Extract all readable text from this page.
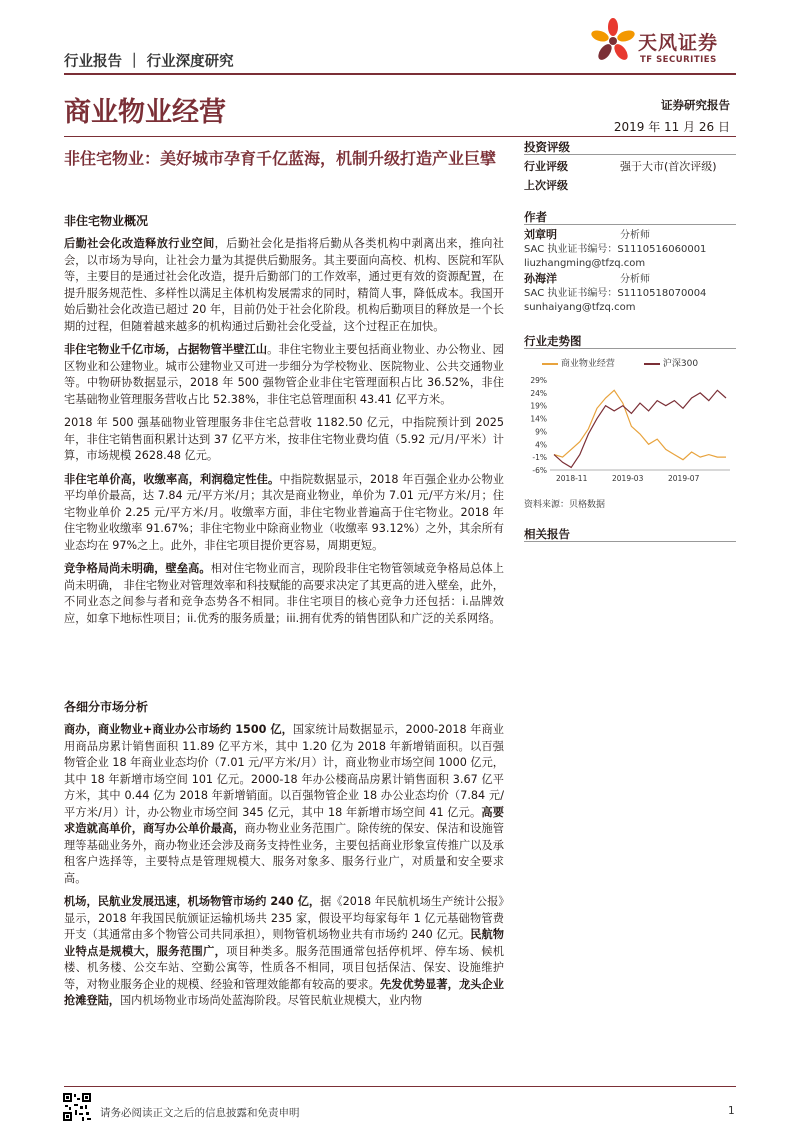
行业报告 ｜ 行业深度研究
天风证券
TF SECURITIES
商业物业经营	证券研究报告
2019 年 11 月 26 日
非住宅物业：美好城市孕育千亿蓝海，机制升级打造产业巨擘
投资评级
行业评级	强于大市(首次评级)
上次评级
作者
刘章明	分析师
SAC 执业证书编号：S1110516060001
liuzhangming@tfzq.com
孙海洋	分析师
SAC 执业证书编号：S1110518070004
sunhaiyang@tfzq.com
行业走势图
商业物业经营	沪深300
29%
24%
19%
14%
9%
4%
-1%
-6%
2018-11	2019-03	2019-07
资料来源：贝格数据
相关报告
非住宅物业概况

后勤社会化改造释放行业空间，后勤社会化是指将后勤从各类机构中剥离出来，推向社会，以市场为导向，让社会力量为其提供后勤服务。其主要面向高校、机构、医院和军队等，主要目的是通过社会化改造，提升后勤部门的工作效率，通过更有效的资源配置，在提升服务规范性、多样性以满足主体机构发展需求的同时，精简人事，降低成本。我国开始后勤社会化改造已超过 20 年，目前仍处于社会化阶段。机构后勤项目的释放是一个长期的过程，但随着越来越多的机构通过后勤社会化受益，这个过程正在加快。

非住宅物业千亿市场，占据物管半壁江山。非住宅物业主要包括商业物业、办公物业、园区物业和公建物业。城市公建物业又可进一步细分为学校物业、医院物业、公共交通物业等。中物研协数据显示，2018 年 500 强物管企业非住宅管理面积占比 36.52%，非住宅基础物业管理服务营收占比 52.38%，非住宅总管理面积 43.41 亿平方米。

2018 年 500 强基础物业管理服务非住宅总营收 1182.50 亿元，中指院预计到 2025 年，非住宅销售面积累计达到 37 亿平方米，按非住宅物业费均值（5.92 元/月/平米）计算，市场规模 2628.48 亿元。

非住宅单价高，收缴率高，利润稳定性佳。中指院数据显示，2018 年百强企业办公物业平均单价最高，达 7.84 元/平方米/月；其次是商业物业，单价为 7.01 元/平方米/月；住宅物业单价 2.25 元/平方米/月。收缴率方面，非住宅物业普遍高于住宅物业。2018 年住宅物业收缴率 91.67%；非住宅物业中除商业物业（收缴率 93.12%）之外，其余所有业态均在 97%之上。此外，非住宅项目提价更容易，周期更短。

竞争格局尚未明确，壁垒高。相对住宅物业而言，现阶段非住宅物管领域竞争格局总体上尚未明确， 非住宅物业对管理效率和科技赋能的高要求决定了其更高的进入壁垒，此外，不同业态之间参与者和竞争态势各不相同。非住宅项目的核心竞争力还包括：i.品牌效应，如拿下地标性项目；ii.优秀的服务质量；iii.拥有优秀的销售团队和广泛的关系网络。

各细分市场分析

商办，商业物业+商业办公市场约 1500 亿，国家统计局数据显示，2000-2018 年商业用商品房累计销售面积 11.89 亿平方米，其中 1.20 亿为 2018 年新增销面积。以百强物管企业 18 年商业业态均价（7.01 元/平方米/月）计，商业物业市场空间 1000 亿元，其中 18 年新增市场空间 101 亿元。2000-18 年办公楼商品房累计销售面积 3.67 亿平方米，其中 0.44 亿为 2018 年新增销面。以百强物管企业 18 办公业态均价（7.84 元/平方米/月）计，办公物业市场空间 345 亿元，其中 18 年新增市场空间 41 亿元。高要求造就高单价，商写办公单价最高，商办物业业务范围广。除传统的保安、保洁和设施管理等基础业务外，商办物业还会涉及商务支持性业务，主要包括商业形象宣传推广以及承租客户选择等，主要特点是管理规模大、服务对象多、服务行业广，对质量和安全要求高。

机场，民航业发展迅速，机场物管市场约 240 亿，据《2018 年民航机场生产统计公报》显示，2018 年我国民航颁证运输机场共 235 家，假设平均每家每年 1 亿元基础物管费开支（其通常由多个物管公司共同承担），则物管机场物业共有市场约 240 亿元。民航物业特点是规模大，服务范围广，项目种类多。服务范围通常包括停机坪、停车场、候机楼、机务楼、公交车站、空勤公寓等，性质各不相同，项目包括保洁、保安、设施维护等，对物业服务企业的规模、经验和管理效能都有较高的要求。先发优势显著，龙头企业抢滩登陆，国内机场物业市场尚处蓝海阶段。尽管民航业规模大，业内物

请务必阅读正文之后的信息披露和免责申明	1
